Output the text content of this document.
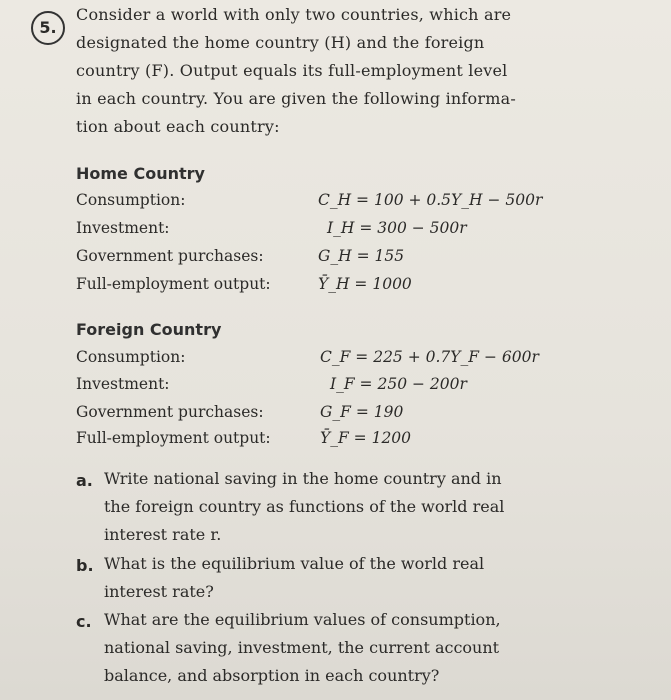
5.
Consider a world with only two countries, which are
designated the home country (H) and the foreign
country (F). Output equals its full-employment level
in each country. You are given the following informa-
tion about each country:
Home Country
Consumption:	C_H = 100 + 0.5Y_H − 500r
Investment:	I_H = 300 − 500r
Government purchases:	G_H = 155
Full-employment output:	Ȳ_H = 1000
Foreign Country
Consumption:	C_F = 225 + 0.7Y_F − 600r
Investment:	I_F = 250 − 200r
Government purchases:	G_F = 190
Full-employment output:	Ȳ_F = 1200
a. Write national saving in the home country and in
the foreign country as functions of the world real
interest rate r.
b. What is the equilibrium value of the world real
interest rate?
c. What are the equilibrium values of consumption,
national saving, investment, the current account
balance, and absorption in each country?
